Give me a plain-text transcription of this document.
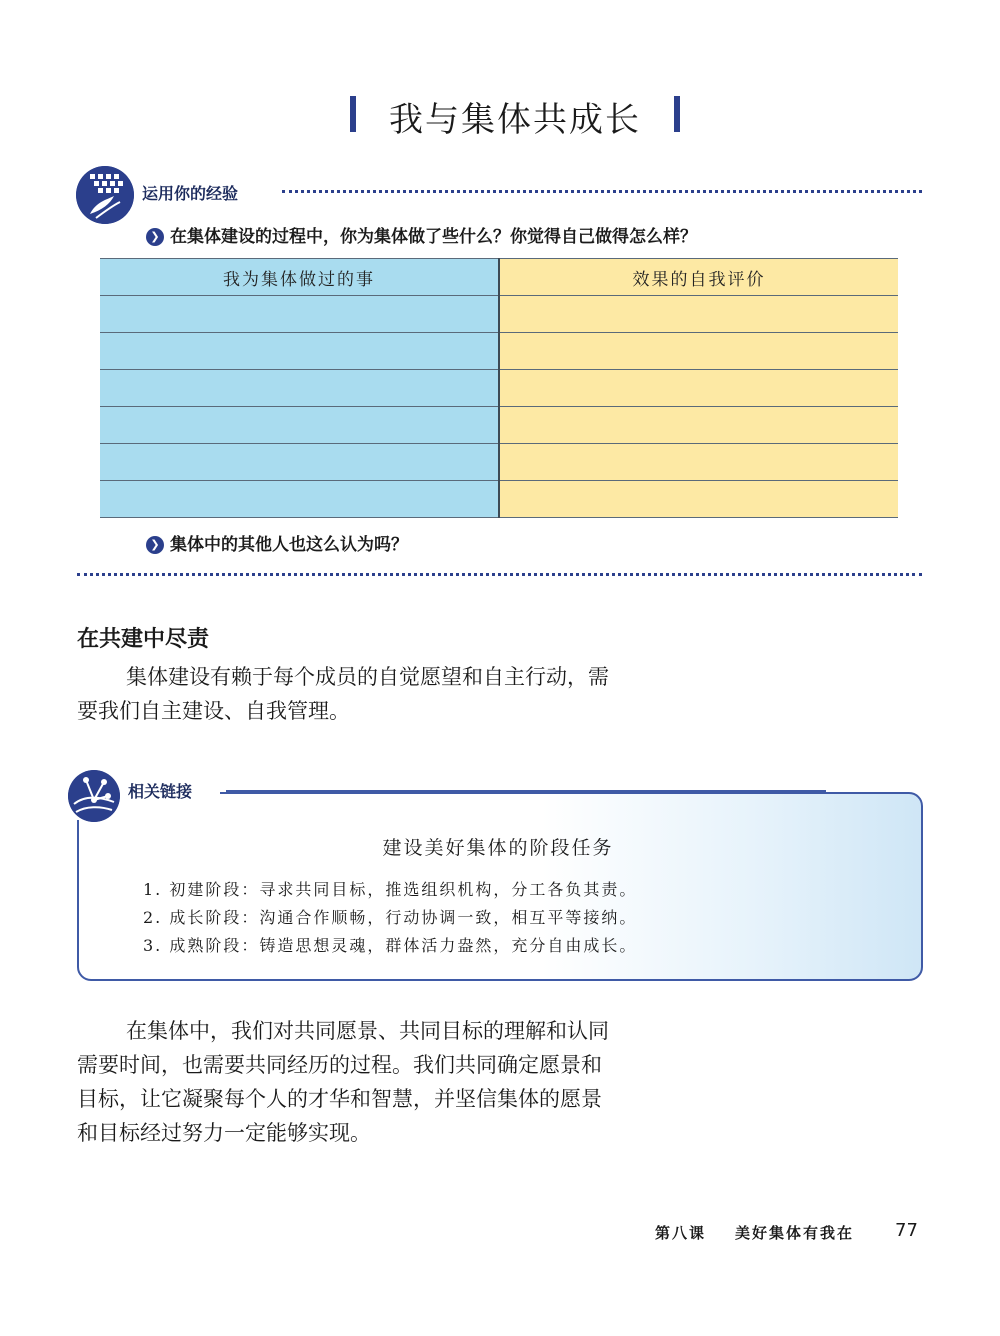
我与集体共成长
运用你的经验
❯ 在集体建设的过程中，你为集体做了些什么？你觉得自己做得怎么样？
我为集体做过的事	效果的自我评价

❯ 集体中的其他人也这么认为吗？
在共建中尽责
集体建设有赖于每个成员的自觉愿望和自主行动，需
要我们自主建设、自我管理。
相关链接
建设美好集体的阶段任务
1. 初建阶段：寻求共同目标，推选组织机构，分工各负其责。
2. 成长阶段：沟通合作顺畅，行动协调一致，相互平等接纳。
3. 成熟阶段：铸造思想灵魂，群体活力盎然，充分自由成长。
在集体中，我们对共同愿景、共同目标的理解和认同
需要时间，也需要共同经历的过程。我们共同确定愿景和
目标，让它凝聚每个人的才华和智慧，并坚信集体的愿景
和目标经过努力一定能够实现。
第八课 美好集体有我在 77
